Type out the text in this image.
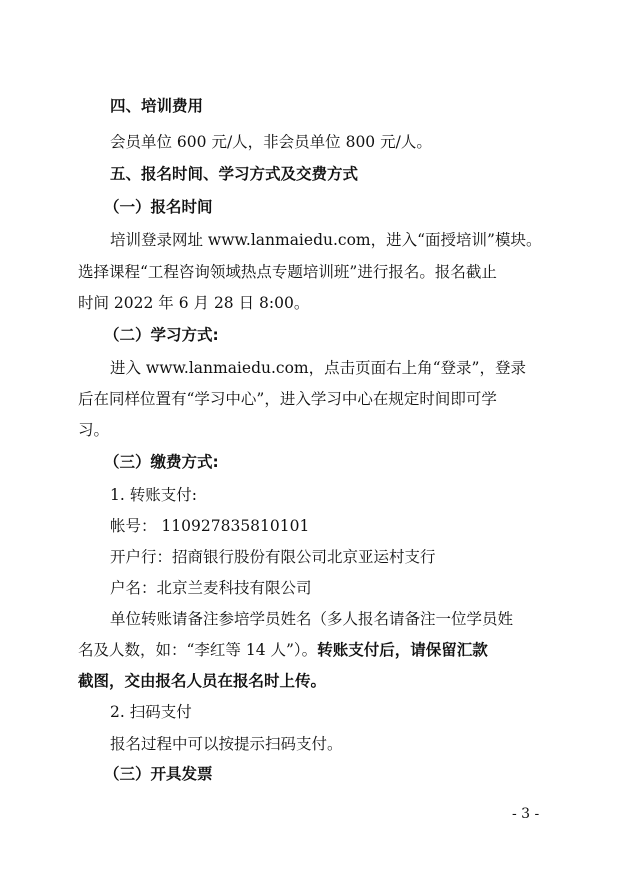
四、培训费用
会员单位 600 元/人，非会员单位 800 元/人。
五、报名时间、学习方式及交费方式
（一）报名时间
培训登录网址 www.lanmaiedu.com，进入“面授培训”模块。
选择课程“工程咨询领域热点专题培训班”进行报名。报名截止
时间 2022 年 6 月 28 日 8:00。
（二）学习方式:
进入 www.lanmaiedu.com，点击页面右上角“登录”，登录
后在同样位置有“学习中心”，进入学习中心在规定时间即可学
习。
（三）缴费方式:
1. 转账支付:
帐号： 110927835810101
开户行：招商银行股份有限公司北京亚运村支行
户名：北京兰麦科技有限公司
单位转账请备注参培学员姓名（多人报名请备注一位学员姓
名及人数，如：“李红等 14 人”）。转账支付后，请保留汇款
截图，交由报名人员在报名时上传。
2. 扫码支付
报名过程中可以按提示扫码支付。
（三）开具发票
- 3 -
